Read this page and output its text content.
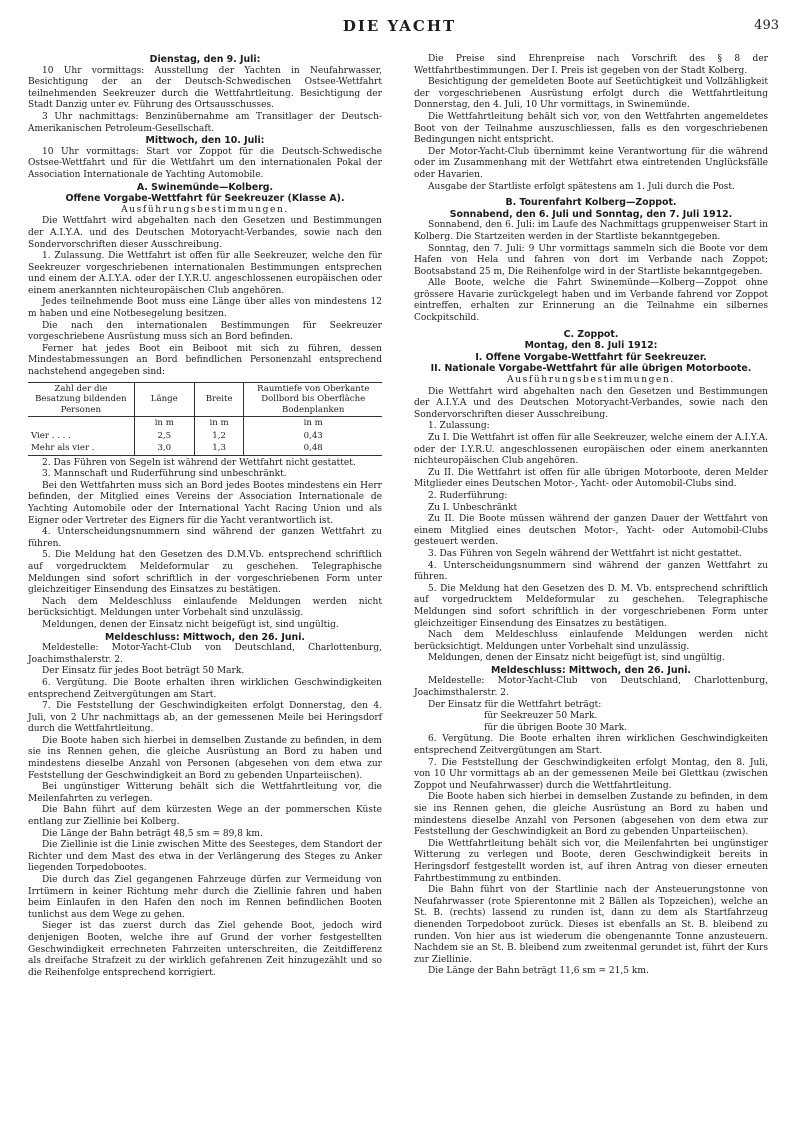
DIE YACHT	493

Dienstag, den 9. Juli:

10 Uhr vormittags: Ausstellung der Yachten in Neufahrwasser, Besichtigung der an der Deutsch-Schwedischen Ostsee-Wettfahrt teilnehmenden Seekreuzer durch die Wettfahrtleitung. Besichtigung der Stadt Danzig unter ev. Führung des Ortsausschusses.

3 Uhr nachmittags: Benzinübernahme am Transitlager der Deutsch-Amerikanischen Petroleum-Gesellschaft.

Mittwoch, den 10. Juli:

10 Uhr vormittags: Start vor Zoppot für die Deutsch-Schwedische Ostsee-Wettfahrt und für die Wettfahrt um den internationalen Pokal der Association Internationale de Yachting Automobile.

A. Swinemünde—Kolberg.

Offene Vorgabe-Wettfahrt für Seekreuzer (Klasse A).

Ausführungsbestimmungen.

Die Wettfahrt wird abgehalten nach den Gesetzen und Bestimmungen der A.I.Y.A. und des Deutschen Motoryacht-Verbandes, sowie nach den Sondervorschriften dieser Ausschreibung.

1. Zulassung. Die Wettfahrt ist offen für alle Seekreuzer, welche den für Seekreuzer vorgeschriebenen internationalen Bestimmungen entsprechen und einem der A.I.Y.A. oder der I.Y.R.U. angeschlossenen europäischen oder einem anerkannten nichteuropäischen Club angehören.

Jedes teilnehmende Boot muss eine Länge über alles von mindestens 12 m haben und eine Notbesegelung besitzen.

Die nach den internationalen Bestimmungen für Seekreuzer vorgeschriebene Ausrüstung muss sich an Bord befinden.

Ferner hat jedes Boot ein Beiboot mit sich zu führen, dessen Mindestabmessungen an Bord befindlichen Personenzahl entsprechend nachstehend angegeben sind:

Zahl der die Besatzung bildenden Personen	Länge	Breite	Raumtiefe von Oberkante Dollbord bis Oberfläche Bodenplanken
	in m	in m	in m
Vier . . . .	2,5	1,2	0,43
Mehr als vier .	3,0	1,3	0,48

2. Das Führen von Segeln ist während der Wettfahrt nicht gestattet.

3. Mannschaft und Ruderführung sind unbeschränkt.

Bei den Wettfahrten muss sich an Bord jedes Bootes mindestens ein Herr befinden, der Mitglied eines Vereins der Association Internationale de Yachting Automobile oder der International Yacht Racing Union und als Eigner oder Vertreter des Eigners für die Yacht verantwortlich ist.

4. Unterscheidungsnummern sind während der ganzen Wettfahrt zu führen.

5. Die Meldung hat den Gesetzen des D.M.Vb. entsprechend schriftlich auf vorgedrucktem Meldeformular zu geschehen. Telegraphische Meldungen sind sofort schriftlich in der vorgeschriebenen Form unter gleichzeitiger Einsendung des Einsatzes zu bestätigen.

Nach dem Meldeschluss einlaufende Meldungen werden nicht berücksichtigt. Meldungen unter Vorbehalt sind unzulässig.

Meldungen, denen der Einsatz nicht beigefügt ist, sind ungültig.

Meldeschluss: Mittwoch, den 26. Juni.

Meldestelle: Motor-Yacht-Club von Deutschland, Charlottenburg, Joachimsthalerstr. 2.

Der Einsatz für jedes Boot beträgt 50 Mark.

6. Vergütung. Die Boote erhalten ihren wirklichen Geschwindigkeiten entsprechend Zeitvergütungen am Start.

7. Die Feststellung der Geschwindigkeiten erfolgt Donnerstag, den 4. Juli, von 2 Uhr nachmittags ab, an der gemessenen Meile bei Heringsdorf durch die Wettfahrtleitung.

Die Boote haben sich hierbei in demselben Zustande zu befinden, in dem sie ins Rennen gehen, die gleiche Ausrüstung an Bord zu haben und mindestens dieselbe Anzahl von Personen (abgesehen von dem etwa zur Feststellung der Geschwindigkeit an Bord zu gebenden Unparteiischen).

Bei ungünstiger Witterung behält sich die Wettfahrtleitung vor, die Meilenfahrten zu verlegen.

Die Bahn führt auf dem kürzesten Wege an der pommerschen Küste entlang zur Ziellinie bei Kolberg.

Die Länge der Bahn beträgt 48,5 sm = 89,8 km.

Die Ziellinie ist die Linie zwischen Mitte des Seesteges, dem Standort der Richter und dem Mast des etwa in der Verlängerung des Steges zu Anker liegenden Torpedobootes.

Die durch das Ziel gegangenen Fahrzeuge dürfen zur Vermeidung von Irrtümern in keiner Richtung mehr durch die Ziellinie fahren und haben beim Einlaufen in den Hafen den noch im Rennen befindlichen Booten tunlichst aus dem Wege zu gehen.

Sieger ist das zuerst durch das Ziel gehende Boot, jedoch wird denjenigen Booten, welche ihre auf Grund der vorher festgestellten Geschwindigkeit errechneten Fahrzeiten unterschreiten, die Zeitdifferenz als dreifache Strafzeit zu der wirklich gefahrenen Zeit hinzugezählt und so die Reihenfolge entsprechend korrigiert.

Die Preise sind Ehrenpreise nach Vorschrift des § 8 der Wettfahrtbestimmungen. Der I. Preis ist gegeben von der Stadt Kolberg.

Besichtigung der gemeldeten Boote auf Seetüchtigkeit und Vollzähligkeit der vorgeschriebenen Ausrüstung erfolgt durch die Wettfahrtleitung Donnerstag, den 4. Juli, 10 Uhr vormittags, in Swinemünde.

Die Wettfahrtleitung behält sich vor, von den Wettfahrten angemeldetes Boot von der Teilnahme auszuschliessen, falls es den vorgeschriebenen Bedingungen nicht entspricht.

Der Motor-Yacht-Club übernimmt keine Verantwortung für die während oder im Zusammenhang mit der Wettfahrt etwa eintretenden Unglücksfälle oder Havarien.

Ausgabe der Startliste erfolgt spätestens am 1. Juli durch die Post.

B. Tourenfahrt Kolberg—Zoppot.

Sonnabend, den 6. Juli und Sonntag, den 7. Juli 1912.

Sonnabend, den 6. Juli: im Laufe des Nachmittags gruppenweiser Start in Kolberg. Die Startzeiten werden in der Startliste bekanntgegeben.

Sonntag, den 7. Juli: 9 Uhr vormittags sammeln sich die Boote vor dem Hafen von Hela und fahren von dort im Verbande nach Zoppot; Bootsabstand 25 m, Die Reihenfolge wird in der Startliste bekanntgegeben.

Alle Boote, welche die Fahrt Swinemünde—Kolberg—Zoppot ohne grössere Havarie zurückgelegt haben und im Verbande fahrend vor Zoppot eintreffen, erhalten zur Erinnerung an die Teilnahme ein silbernes Cockpitschild.

C. Zoppot.

Montag, den 8. Juli 1912:

I. Offene Vorgabe-Wettfahrt für Seekreuzer.

II. Nationale Vorgabe-Wettfahrt für alle übrigen Motorboote.

Ausführungsbestimmungen.

Die Wettfahrt wird abgehalten nach den Gesetzen und Bestimmungen der A.I.Y.A und des Deutschen Motoryacht-Verbandes, sowie nach den Sondervorschriften dieser Ausschreibung.

1. Zulassung:

Zu I. Die Wettfahrt ist offen für alle Seekreuzer, welche einem der A.I.Y.A. oder der I.Y.R.U. angeschlossenen europäischen oder einem anerkannten nichteuropäischen Club angehören.

Zu II. Die Wettfahrt ist offen für alle übrigen Motorboote, deren Melder Mitglieder eines Deutschen Motor-, Yacht- oder Automobil-Clubs sind.

2. Ruderführung:

Zu I. Unbeschränkt

Zu II. Die Boote müssen während der ganzen Dauer der Wettfahrt von einem Mitglied eines deutschen Motor-, Yacht- oder Automobil-Clubs gesteuert werden.

3. Das Führen von Segeln während der Wettfahrt ist nicht gestattet.

4. Unterscheidungsnummern sind während der ganzen Wettfahrt zu führen.

5. Die Meldung hat den Gesetzen des D. M. Vb. entsprechend schriftlich auf vorgedrucktem Meldeformular zu geschehen. Telegraphische Meldungen sind sofort schriftlich in der vorgeschriebenen Form unter gleichzeitiger Einsendung des Einsatzes zu bestätigen.

Nach dem Meldeschluss einlaufende Meldungen werden nicht berücksichtigt. Meldungen unter Vorbehalt sind unzulässig.

Meldungen, denen der Einsatz nicht beigefügt ist, sind ungültig.

Meldeschluss: Mittwoch, den 26. Juni.

Meldestelle: Motor-Yacht-Club von Deutschland, Charlottenburg, Joachimsthalerstr. 2.

Der Einsatz für die Wettfahrt beträgt:

für Seekreuzer 50 Mark.

für die übrigen Boote 30 Mark.

6. Vergütung. Die Boote erhalten ihren wirklichen Geschwindigkeiten entsprechend Zeitvergütungen am Start.

7. Die Feststellung der Geschwindigkeiten erfolgt Montag, den 8. Juli, von 10 Uhr vormittags ab an der gemessenen Meile bei Glettkau (zwischen Zoppot und Neufahrwasser) durch die Wettfahrtleitung.

Die Boote haben sich hierbei in demselben Zustande zu befinden, in dem sie ins Rennen gehen, die gleiche Ausrüstung an Bord zu haben und mindestens dieselbe Anzahl von Personen (abgesehen von dem etwa zur Feststellung der Geschwindigkeit an Bord zu gebenden Unparteiischen).

Die Wettfahrtleitung behält sich vor, die Meilenfahrten bei ungünstiger Witterung zu verlegen und Boote, deren Geschwindigkeit bereits in Heringsdorf festgestellt worden ist, auf ihren Antrag von dieser erneuten Fahrtbestimmung zu entbinden.

Die Bahn führt von der Startlinie nach der Ansteuerungstonne von Neufahrwasser (rote Spierentonne mit 2 Bällen als Topzeichen), welche an St. B. (rechts) lassend zu runden ist, dann zu dem als Startfahrzeug dienenden Torpedoboot zurück. Dieses ist ebenfalls an St. B. bleibend zu runden. Von hier aus ist wiederum die obengenannte Tonne anzusteuern. Nachdem sie an St. B. bleibend zum zweitenmal gerundet ist, führt der Kurs zur Ziellinie.

Die Länge der Bahn beträgt 11,6 sm = 21,5 km.
